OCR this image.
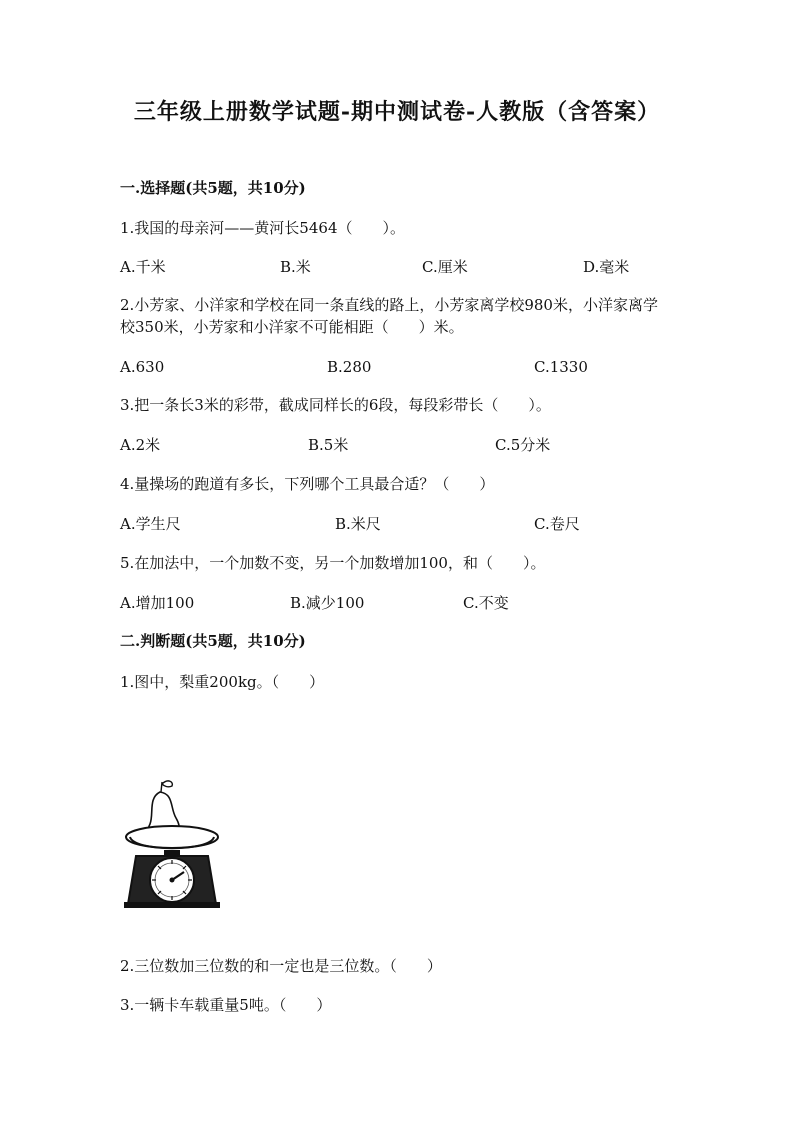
三年级上册数学试题-期中测试卷-人教版（含答案）
一.选择题(共5题，共10分)
1.我国的母亲河——黄河长5464（　　）。
A.千米	B.米	C.厘米	D.毫米
2.小芳家、小洋家和学校在同一条直线的路上，小芳家离学校980米，小洋家离学校350米，小芳家和小洋家不可能相距（　　）米。
A.630	B.280	C.1330
3.把一条长3米的彩带，截成同样长的6段，每段彩带长（　　）。
A.2米	B.5米	C.5分米
4.量操场的跑道有多长，下列哪个工具最合适？（　　）
A.学生尺	B.米尺	C.卷尺
5.在加法中，一个加数不变，另一个加数增加100，和（　　）。
A.增加100	B.减少100	C.不变
二.判断题(共5题，共10分)
1.图中，梨重200kg。（　　）
2.三位数加三位数的和一定也是三位数。（　　）
3.一辆卡车载重量5吨。（　　）
